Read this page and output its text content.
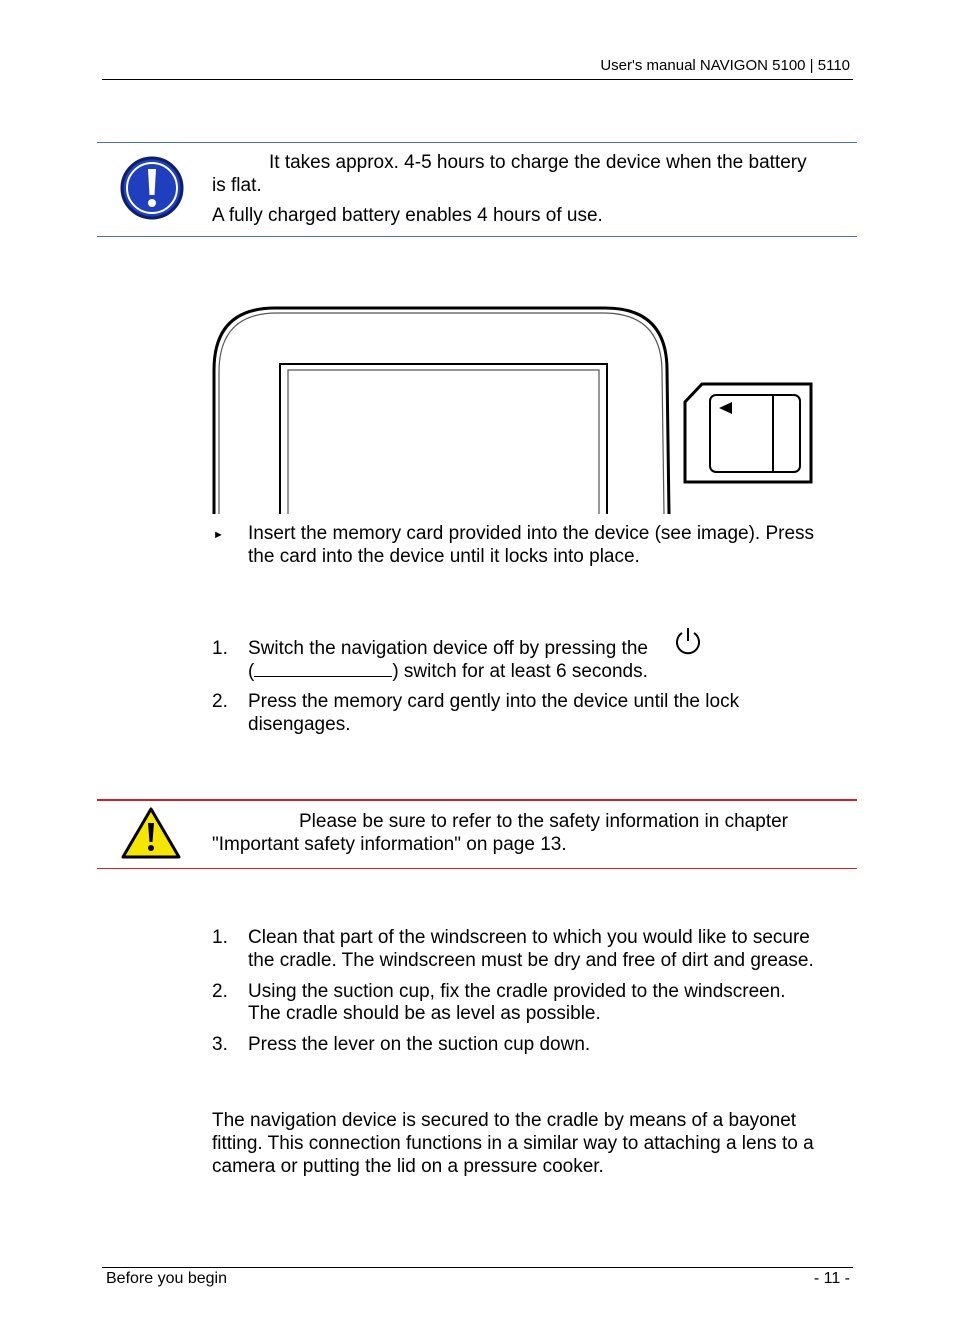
User's manual NAVIGON 5100 | 5110
It takes approx. 4-5 hours to charge the device when the battery
is flat.
A fully charged battery enables 4 hours of use.
► Insert the memory card provided into the device (see image). Press
the card into the device until it locks into place.
1. Switch the navigation device off by pressing the
(	) switch for at least 6 seconds.
2. Press the memory card gently into the device until the lock
disengages.
Please be sure to refer to the safety information in chapter
"Important safety information" on page 13.
1. Clean that part of the windscreen to which you would like to secure
the cradle. The windscreen must be dry and free of dirt and grease.
2. Using the suction cup, fix the cradle provided to the windscreen.
The cradle should be as level as possible.
3. Press the lever on the suction cup down.
The navigation device is secured to the cradle by means of a bayonet
fitting. This connection functions in a similar way to attaching a lens to a
camera or putting the lid on a pressure cooker.
Before you begin	- 11 -
